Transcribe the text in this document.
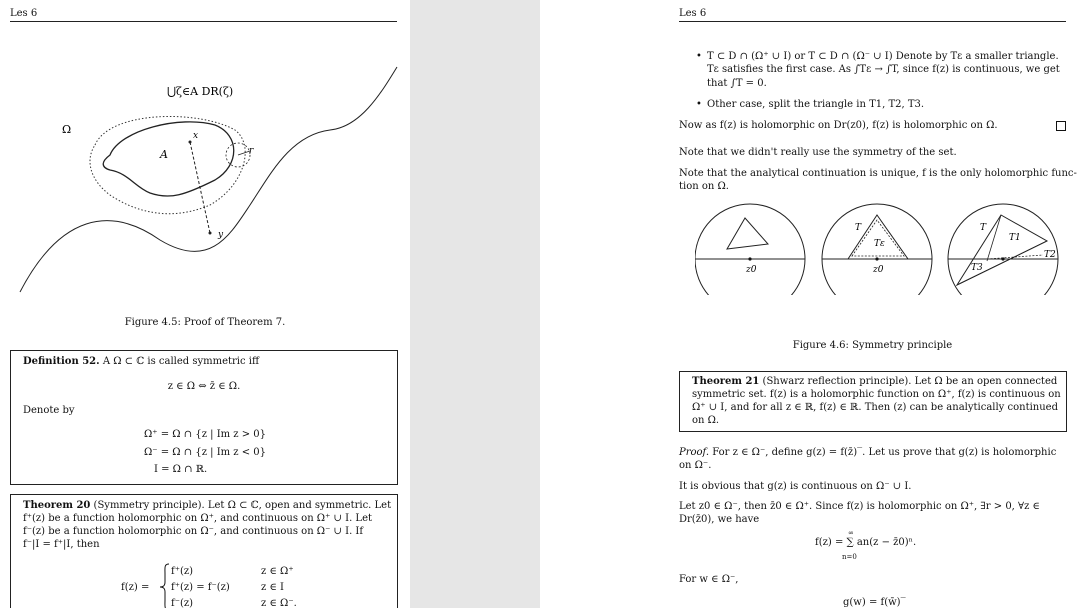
Les 6
⋃ζ∈A DR(ζ)
Ω
A
x
r
y
Figure 4.5: Proof of Theorem 7.
Definition 52. A Ω ⊂ ℂ is called symmetric iff
z ∈ Ω ⇔ z̄ ∈ Ω.
Denote by
Ω⁺ = Ω ∩ {z | Im z > 0}
Ω⁻ = Ω ∩ {z | Im z < 0}
I = Ω ∩ ℝ.
Theorem 20 (Symmetry principle). Let Ω ⊂ ℂ, open and symmetric. Let
f⁺(z) be a function holomorphic on Ω⁺, and continuous on Ω⁺ ∪ I. Let
f⁻(z) be a function holomorphic on Ω⁻, and continuous on Ω⁻ ∪ I. If
f⁻|I = f⁺|I, then
f(z) =
f⁺(z)	z ∈ Ω⁺
f⁺(z) = f⁻(z)	z ∈ I
f⁻(z)	z ∈ Ω⁻.
Les 6
• T ⊂ D ∩ (Ω⁺ ∪ I) or T ⊂ D ∩ (Ω⁻ ∪ I) Denote by Tε a smaller triangle.
Tε satisfies the first case. As ∫Tε → ∫T, since f(z) is continuous, we get
that ∫T = 0.
• Other case, split the triangle in T1, T2, T3.
Now as f(z) is holomorphic on Dr(z0), f(z) is holomorphic on Ω.
Note that we didn't really use the symmetry of the set.
Note that the analytical continuation is unique, f is the only holomorphic func-
tion on Ω.
z0
T
Tε
z0
T
T1
T2
T3
Figure 4.6: Symmetry principle
Theorem 21 (Shwarz reflection principle). Let Ω be an open connected
symmetric set. f(z) is a holomorphic function on Ω⁺, f(z) is continuous on
Ω⁺ ∪ I, and for all z ∈ ℝ, f(z) ∈ ℝ. Then (z) can be analytically continued
on Ω.
Proof. For z ∈ Ω⁻, define g(z) = f(z̄)‾. Let us prove that g(z) is holomorphic
on Ω⁻.
It is obvious that g(z) is continuous on Ω⁻ ∪ I.
Let z0 ∈ Ω⁻, then z̄0 ∈ Ω⁺. Since f(z) is holomorphic on Ω⁺, ∃r > 0, ∀z ∈
Dr(z̄0), we have
∞
f(z) = ∑ an(z − z̄0)ⁿ.
n=0
For w ∈ Ω⁻,
g(w) = f(w̄)‾
